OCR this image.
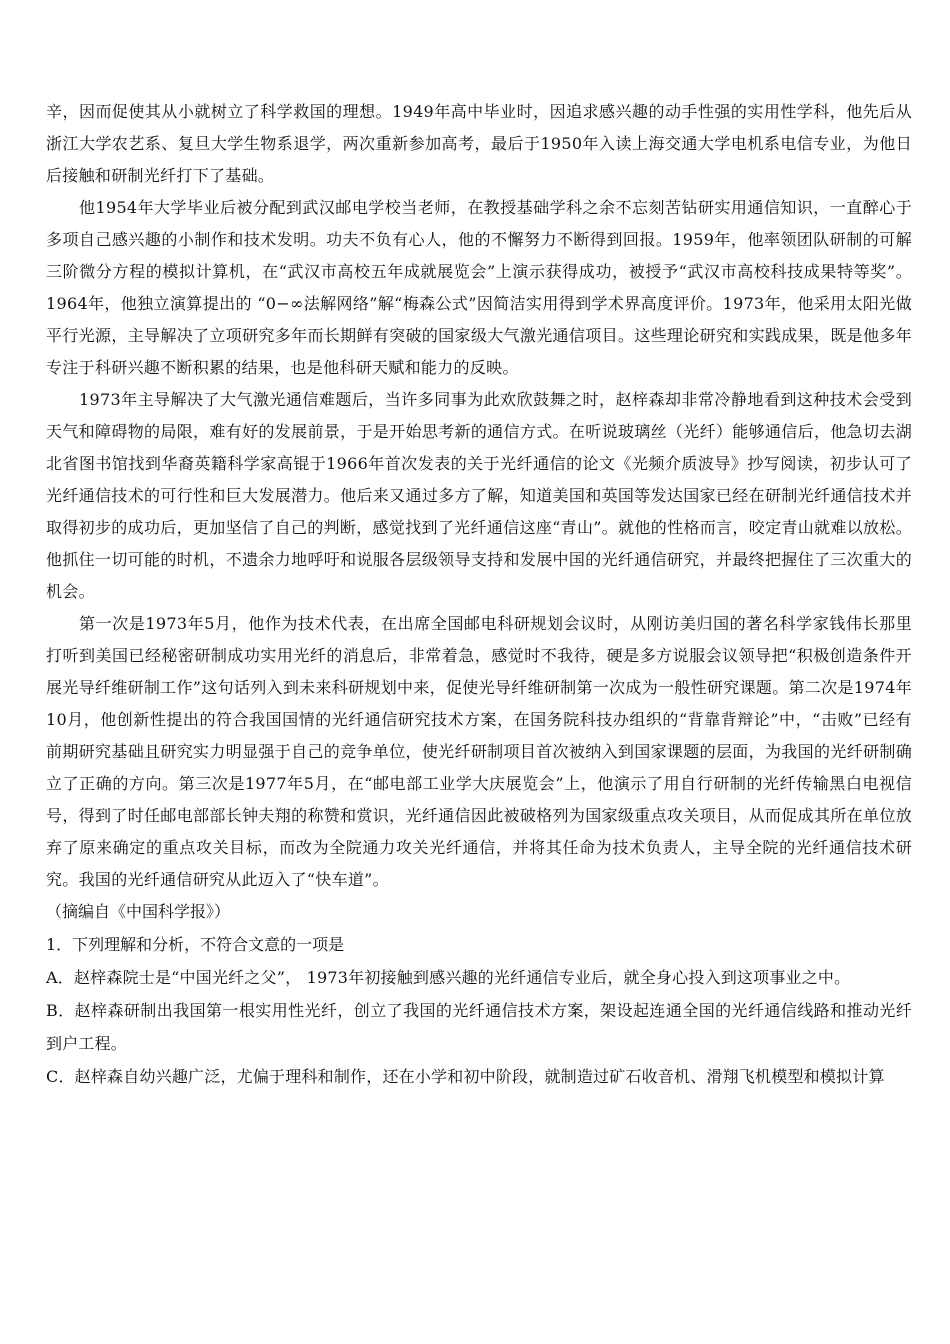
辛，因而促使其从小就树立了科学救国的理想。1949年高中毕业时，因追求感兴趣的动手性强的实用性学科，他先后从浙江大学农艺系、复旦大学生物系退学，两次重新参加高考，最后于1950年入读上海交通大学电机系电信专业，为他日后接触和研制光纤打下了基础。

他1954年大学毕业后被分配到武汉邮电学校当老师，在教授基础学科之余不忘刻苦钻研实用通信知识，一直醉心于多项自己感兴趣的小制作和技术发明。功夫不负有心人，他的不懈努力不断得到回报。1959年，他率领团队研制的可解三阶微分方程的模拟计算机，在“武汉市高校五年成就展览会”上演示获得成功，被授予“武汉市高校科技成果特等奖”。1964年，他独立演算提出的 “0−∞法解网络”解“梅森公式”因简洁实用得到学术界高度评价。1973年，他采用太阳光做平行光源，主导解决了立项研究多年而长期鲜有突破的国家级大气激光通信项目。这些理论研究和实践成果，既是他多年专注于科研兴趣不断积累的结果，也是他科研天赋和能力的反映。

1973年主导解决了大气激光通信难题后，当许多同事为此欢欣鼓舞之时，赵梓森却非常冷静地看到这种技术会受到天气和障碍物的局限，难有好的发展前景，于是开始思考新的通信方式。在听说玻璃丝（光纤）能够通信后，他急切去湖北省图书馆找到华裔英籍科学家高锟于1966年首次发表的关于光纤通信的论文《光频介质波导》抄写阅读，初步认可了光纤通信技术的可行性和巨大发展潜力。他后来又通过多方了解，知道美国和英国等发达国家已经在研制光纤通信技术并取得初步的成功后，更加坚信了自己的判断，感觉找到了光纤通信这座“青山”。就他的性格而言，咬定青山就难以放松。他抓住一切可能的时机，不遗余力地呼吁和说服各层级领导支持和发展中国的光纤通信研究，并最终把握住了三次重大的机会。

第一次是1973年5月，他作为技术代表，在出席全国邮电科研规划会议时，从刚访美归国的著名科学家钱伟长那里打听到美国已经秘密研制成功实用光纤的消息后，非常着急，感觉时不我待，硬是多方说服会议领导把“积极创造条件开展光导纤维研制工作”这句话列入到未来科研规划中来，促使光导纤维研制第一次成为一般性研究课题。第二次是1974年10月，他创新性提出的符合我国国情的光纤通信研究技术方案，在国务院科技办组织的“背靠背辩论”中，“击败”已经有前期研究基础且研究实力明显强于自己的竞争单位，使光纤研制项目首次被纳入到国家课题的层面，为我国的光纤研制确立了正确的方向。第三次是1977年5月，在“邮电部工业学大庆展览会”上，他演示了用自行研制的光纤传输黑白电视信号，得到了时任邮电部部长钟夫翔的称赞和赏识，光纤通信因此被破格列为国家级重点攻关项目，从而促成其所在单位放弃了原来确定的重点攻关目标，而改为全院通力攻关光纤通信，并将其任命为技术负责人，主导全院的光纤通信技术研究。我国的光纤通信研究从此迈入了“快车道”。

（摘编自《中国科学报》）

1．下列理解和分析，不符合文意的一项是

A．赵梓森院士是“中国光纤之父”， 1973年初接触到感兴趣的光纤通信专业后，就全身心投入到这项事业之中。

B．赵梓森研制出我国第一根实用性光纤，创立了我国的光纤通信技术方案，架设起连通全国的光纤通信线路和推动光纤到户工程。

C．赵梓森自幼兴趣广泛，尤偏于理科和制作，还在小学和初中阶段，就制造过矿石收音机、滑翔飞机模型和模拟计算
